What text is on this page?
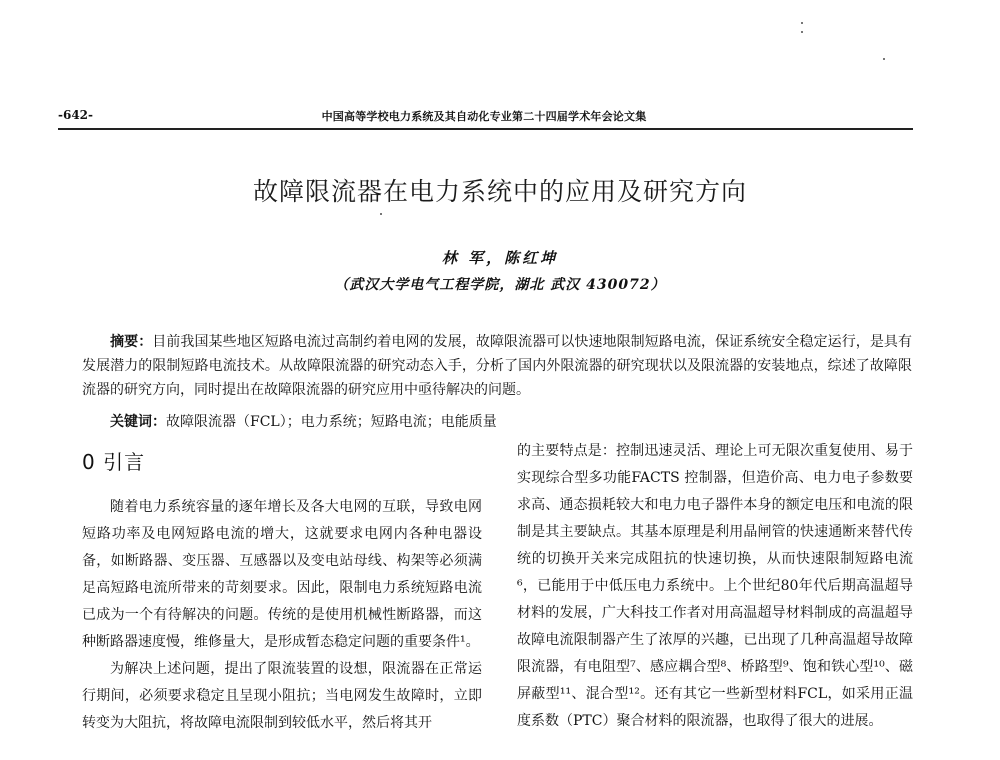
-642-	中国高等学校电力系统及其自动化专业第二十四届学术年会论文集
故障限流器在电力系统中的应用及研究方向
林 军，陈红坤
（武汉大学电气工程学院，湖北 武汉 430072）
摘要：目前我国某些地区短路电流过高制约着电网的发展，故障限流器可以快速地限制短路电流，保证系统安全稳定运行，是具有发展潜力的限制短路电流技术。从故障限流器的研究动态入手，分析了国内外限流器的研究现状以及限流器的安装地点，综述了故障限流器的研究方向，同时提出在故障限流器的研究应用中亟待解决的问题。
关键词：故障限流器（FCL）；电力系统；短路电流；电能质量
0 引言

随着电力系统容量的逐年增长及各大电网的互联，导致电网短路功率及电网短路电流的增大，这就要求电网内各种电器设备，如断路器、变压器、互感器以及变电站母线、构架等必须满足高短路电流所带来的苛刻要求。因此，限制电力系统短路电流已成为一个有待解决的问题。传统的是使用机械性断路器，而这种断路器速度慢，维修量大，是形成暂态稳定问题的重要条件¹。

为解决上述问题，提出了限流装置的设想，限流器在正常运行期间，必须要求稳定且呈现小阻抗；当电网发生故障时，立即转变为大阻抗，将故障电流限制到较低水平，然后将其开

的主要特点是：控制迅速灵活、理论上可无限次重复使用、易于实现综合型多功能FACTS 控制器，但造价高、电力电子参数要求高、通态损耗较大和电力电子器件本身的额定电压和电流的限制是其主要缺点。其基本原理是利用晶闸管的快速通断来替代传统的切换开关来完成阻抗的快速切换，从而快速限制短路电流⁶，已能用于中低压电力系统中。上个世纪80年代后期高温超导材料的发展，广大科技工作者对用高温超导材料制成的高温超导故障电流限制器产生了浓厚的兴趣，已出现了几种高温超导故障限流器，有电阻型⁷、感应耦合型⁸、桥路型⁹、饱和铁心型¹⁰、磁屏蔽型¹¹、混合型¹²。还有其它一些新型材料FCL，如采用正温度系数（PTC）聚合材料的限流器，也取得了很大的进展。
